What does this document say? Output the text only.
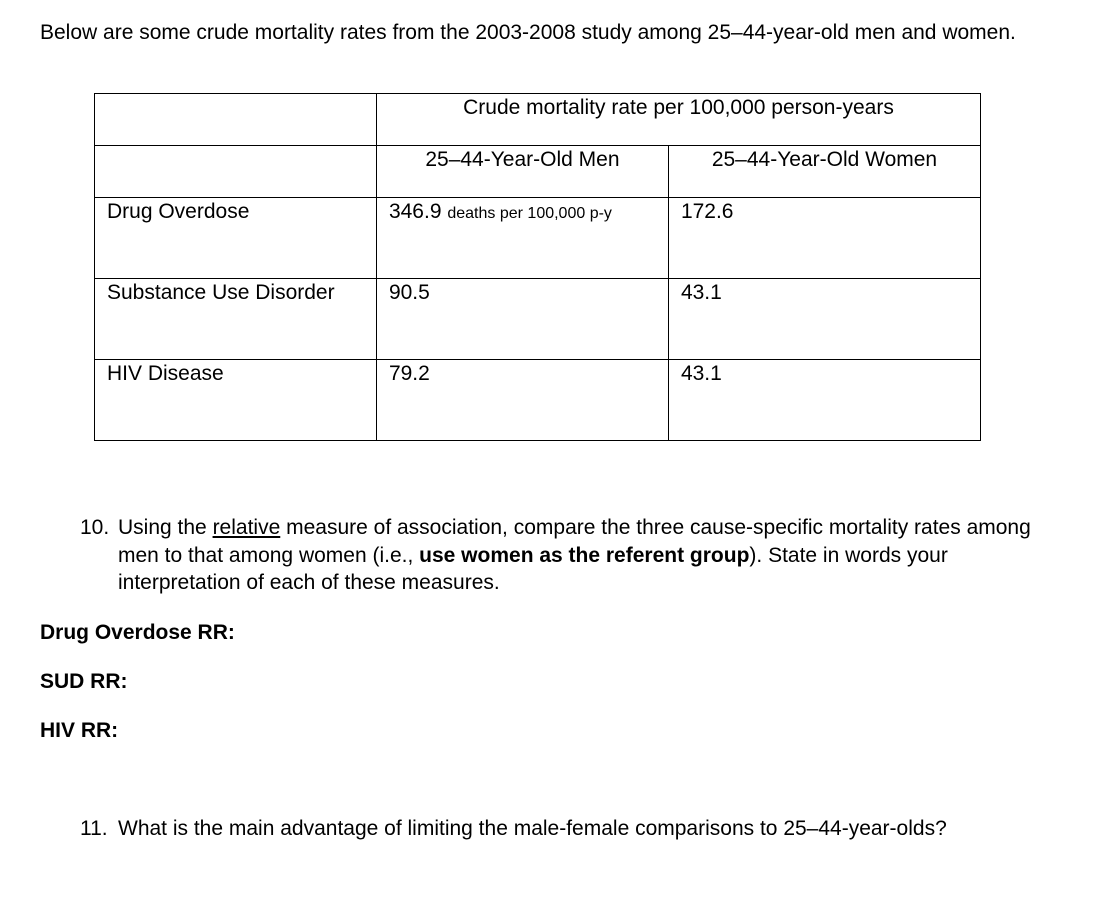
Below are some crude mortality rates from the 2003-2008 study among 25–44-year-old men and women.

	Crude mortality rate per 100,000 person-years	
	25–44-Year-Old Men	25–44-Year-Old Women
Drug Overdose	346.9 deaths per 100,000 p-y	172.6
Substance Use Disorder	90.5	43.1
HIV Disease	79.2	43.1
10. Using the relative measure of association, compare the three cause-specific mortality rates among men to that among women (i.e., use women as the referent group). State in words your interpretation of each of these measures.

Drug Overdose RR:

SUD RR:

HIV RR:

11. What is the main advantage of limiting the male-female comparisons to 25–44-year-olds?
